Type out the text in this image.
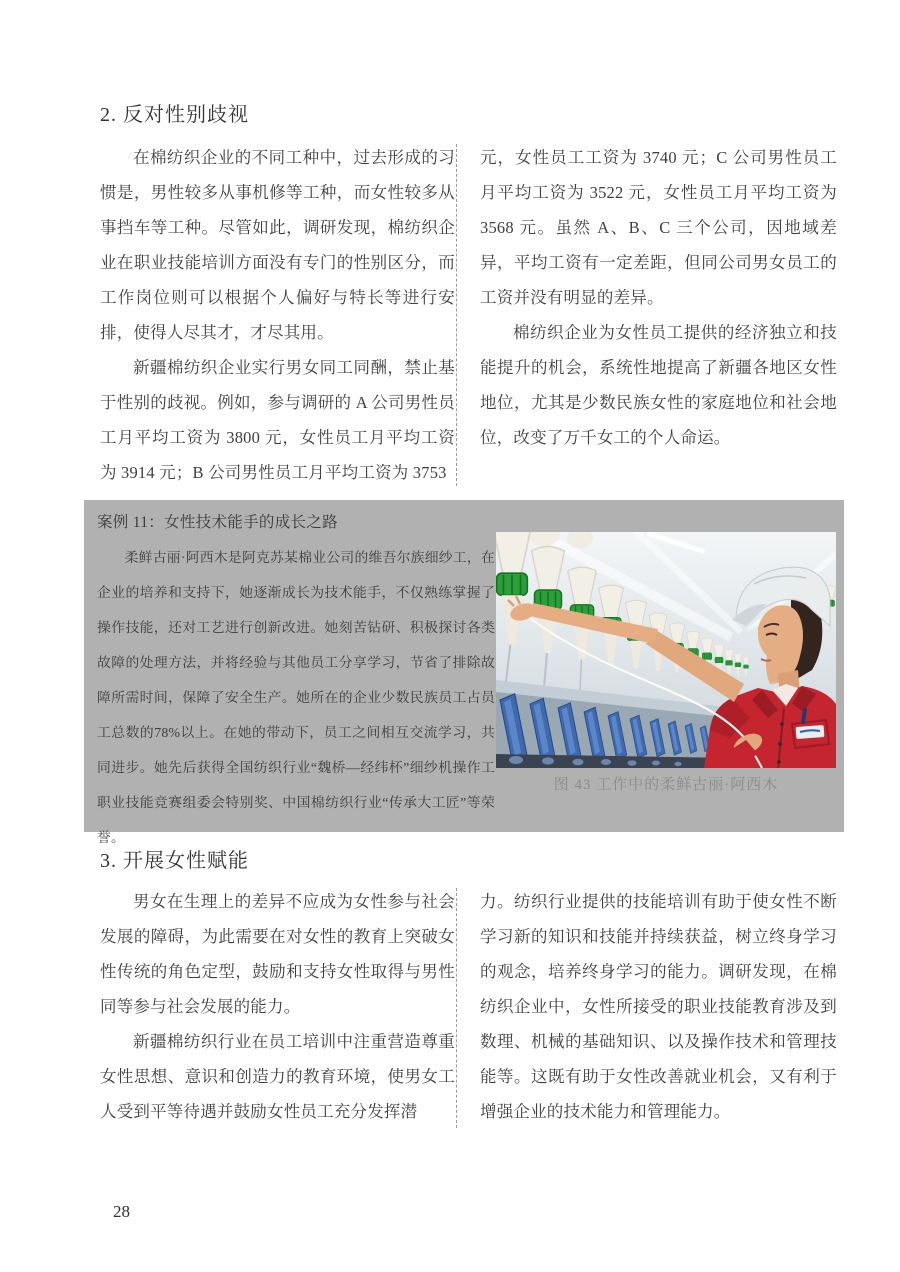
2. 反对性别歧视

在棉纺织企业的不同工种中，过去形成的习惯是，男性较多从事机修等工种，而女性较多从事挡车等工种。尽管如此，调研发现，棉纺织企业在职业技能培训方面没有专门的性别区分，而工作岗位则可以根据个人偏好与特长等进行安排，使得人尽其才，才尽其用。

新疆棉纺织企业实行男女同工同酬，禁止基于性别的歧视。例如，参与调研的 A 公司男性员工月平均工资为 3800 元，女性员工月平均工资为 3914 元；B 公司男性员工月平均工资为 3753

元，女性员工工资为 3740 元；C 公司男性员工月平均工资为 3522 元，女性员工月平均工资为 3568 元。虽然 A、B、C 三个公司，因地域差异，平均工资有一定差距，但同公司男女员工的工资并没有明显的差异。

棉纺织企业为女性员工提供的经济独立和技能提升的机会，系统性地提高了新疆各地区女性地位，尤其是少数民族女性的家庭地位和社会地位，改变了万千女工的个人命运。

案例 11：女性技术能手的成长之路

柔鲜古丽·阿西木是阿克苏某棉业公司的维吾尔族细纱工，在企业的培养和支持下，她逐渐成长为技术能手，不仅熟练掌握了操作技能，还对工艺进行创新改进。她刻苦钻研、积极探讨各类故障的处理方法，并将经验与其他员工分享学习，节省了排除故障所需时间，保障了安全生产。她所在的企业少数民族员工占员工总数的78%以上。在她的带动下，员工之间相互交流学习，共同进步。她先后获得全国纺织行业“魏桥—经纬杯”细纱机操作工职业技能竞赛组委会特别奖、中国棉纺织行业“传承大工匠”等荣誉。

图 43 工作中的柔鲜古丽·阿西木
3. 开展女性赋能

男女在生理上的差异不应成为女性参与社会发展的障碍，为此需要在对女性的教育上突破女性传统的角色定型，鼓励和支持女性取得与男性同等参与社会发展的能力。

新疆棉纺织行业在员工培训中注重营造尊重女性思想、意识和创造力的教育环境，使男女工人受到平等待遇并鼓励女性员工充分发挥潜

力。纺织行业提供的技能培训有助于使女性不断学习新的知识和技能并持续获益，树立终身学习的观念，培养终身学习的能力。调研发现，在棉纺织企业中，女性所接受的职业技能教育涉及到数理、机械的基础知识、以及操作技术和管理技能等。这既有助于女性改善就业机会，又有利于增强企业的技术能力和管理能力。

28
